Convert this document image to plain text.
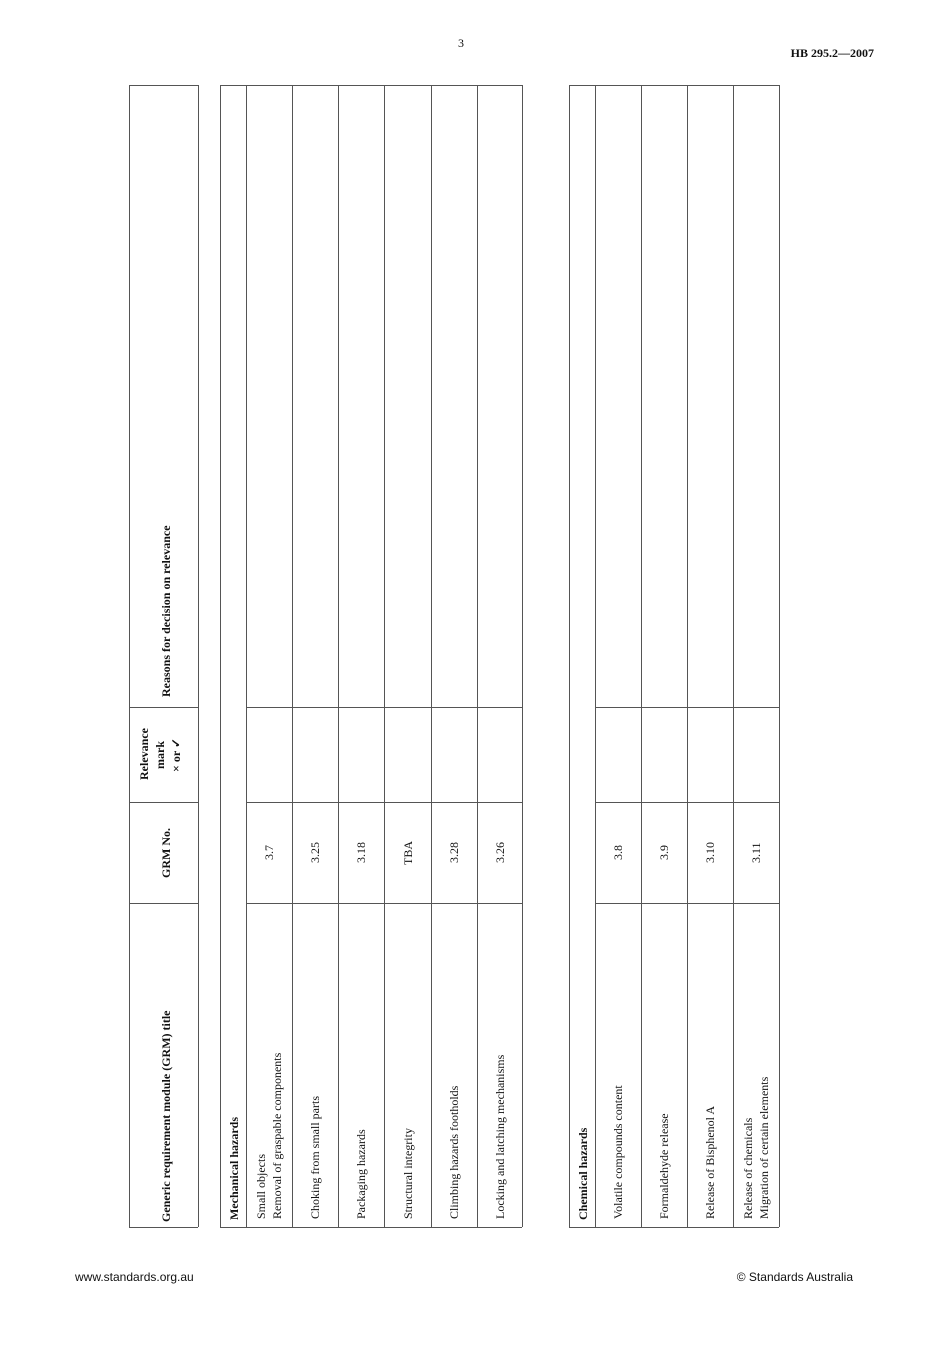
3
HB 295.2—2007
Generic requirement module (GRM) title
GRM No.
Relevance mark × or ✓
Reasons for decision on relevance
Mechanical hazards Small objects Removal of graspable components
3.7
Choking from small parts
3.25
Packaging hazards
3.18
Structural integrity
TBA
Climbing hazards footholds
3.28
Locking and latching mechanisms
3.26
Chemical hazards Volatile compounds content
3.8
Formaldehyde release
3.9
Release of Bisphenol A
3.10
Release of chemicals Migration of certain elements
3.11
www.standards.org.au	© Standards Australia
